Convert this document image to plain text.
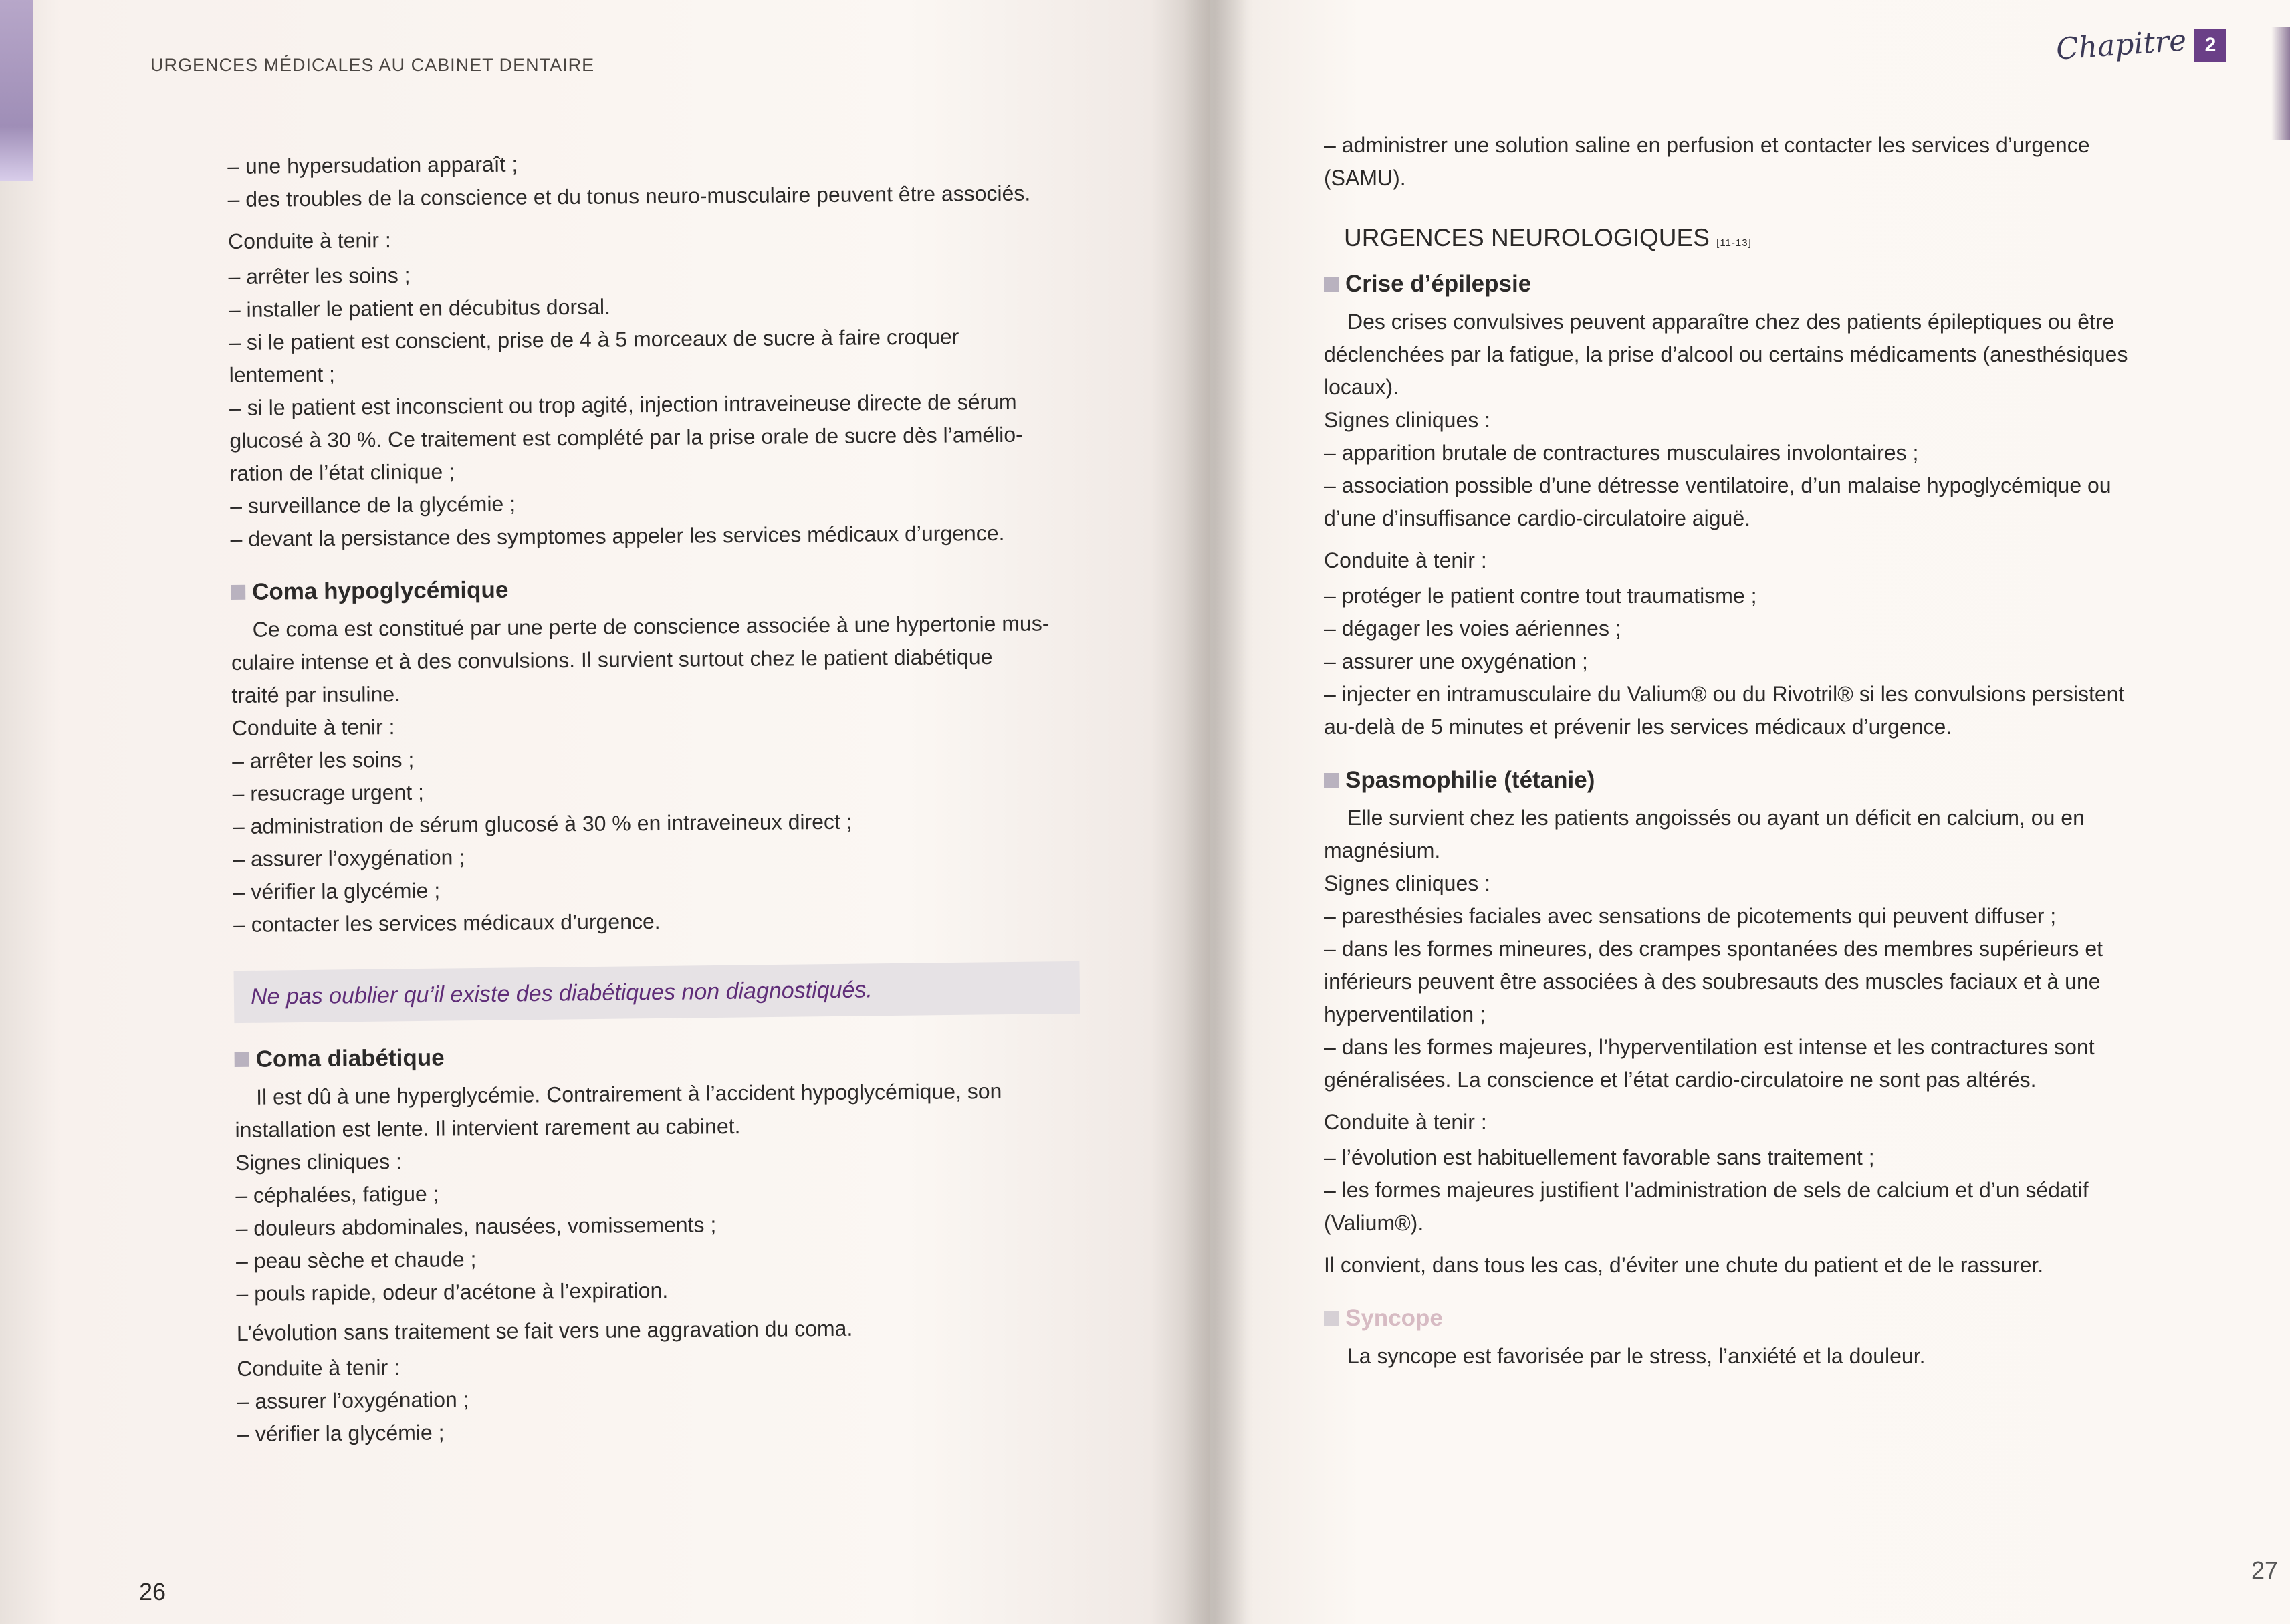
URGENCES MÉDICALES AU CABINET DENTAIRE
– une hypersudation apparaît ;
– des troubles de la conscience et du tonus neuro-musculaire peuvent être associés.
Conduite à tenir :
– arrêter les soins ;
– installer le patient en décubitus dorsal.
– si le patient est conscient, prise de 4 à 5 morceaux de sucre à faire croquer
lentement ;
– si le patient est inconscient ou trop agité, injection intraveineuse directe de sérum
glucosé à 30 %. Ce traitement est complété par la prise orale de sucre dès l’amélio-
ration de l’état clinique ;
– surveillance de la glycémie ;
– devant la persistance des symptomes appeler les services médicaux d’urgence.
Coma hypoglycémique
Ce coma est constitué par une perte de conscience associée à une hypertonie mus-
culaire intense et à des convulsions. Il survient surtout chez le patient diabétique
traité par insuline.
Conduite à tenir :
– arrêter les soins ;
– resucrage urgent ;
– administration de sérum glucosé à 30 % en intraveineux direct ;
– assurer l’oxygénation ;
– vérifier la glycémie ;
– contacter les services médicaux d’urgence.
Ne pas oublier qu’il existe des diabétiques non diagnostiqués.
Coma diabétique
Il est dû à une hyperglycémie. Contrairement à l’accident hypoglycémique, son
installation est lente. Il intervient rarement au cabinet.
Signes cliniques :
– céphalées, fatigue ;
– douleurs abdominales, nausées, vomissements ;
– peau sèche et chaude ;
– pouls rapide, odeur d’acétone à l’expiration.
L’évolution sans traitement se fait vers une aggravation du coma.
Conduite à tenir :
– assurer l’oxygénation ;
– vérifier la glycémie ;
26
Chapitre 2
– administrer une solution saline en perfusion et contacter les services d’urgence
(SAMU).
URGENCES NEUROLOGIQUES [11-13]
Crise d’épilepsie
Des crises convulsives peuvent apparaître chez des patients épileptiques ou être
déclenchées par la fatigue, la prise d’alcool ou certains médicaments (anesthésiques
locaux).
Signes cliniques :
– apparition brutale de contractures musculaires involontaires ;
– association possible d’une détresse ventilatoire, d’un malaise hypoglycémique ou
d’une d’insuffisance cardio-circulatoire aiguë.
Conduite à tenir :
– protéger le patient contre tout traumatisme ;
– dégager les voies aériennes ;
– assurer une oxygénation ;
– injecter en intramusculaire du Valium® ou du Rivotril® si les convulsions persistent
au-delà de 5 minutes et prévenir les services médicaux d’urgence.
Spasmophilie (tétanie)
Elle survient chez les patients angoissés ou ayant un déficit en calcium, ou en
magnésium.
Signes cliniques :
– paresthésies faciales avec sensations de picotements qui peuvent diffuser ;
– dans les formes mineures, des crampes spontanées des membres supérieurs et
inférieurs peuvent être associées à des soubresauts des muscles faciaux et à une
hyperventilation ;
– dans les formes majeures, l’hyperventilation est intense et les contractures sont
généralisées. La conscience et l’état cardio-circulatoire ne sont pas altérés.
Conduite à tenir :
– l’évolution est habituellement favorable sans traitement ;
– les formes majeures justifient l’administration de sels de calcium et d’un sédatif
(Valium®).
Il convient, dans tous les cas, d’éviter une chute du patient et de le rassurer.
Syncope
La syncope est favorisée par le stress, l’anxiété et la douleur.
27
